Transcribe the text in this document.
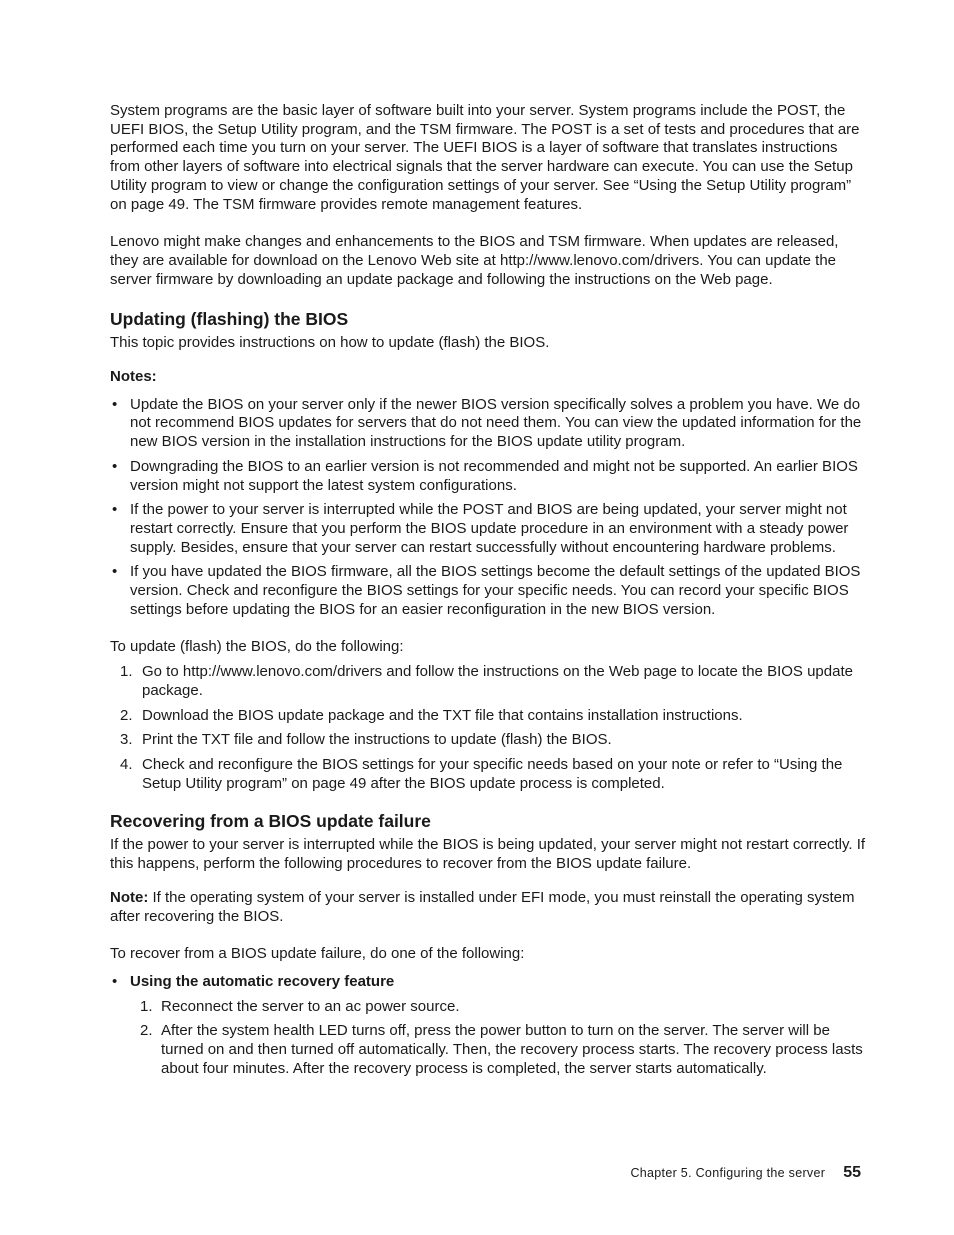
System programs are the basic layer of software built into your server. System programs include the POST, the UEFI BIOS, the Setup Utility program, and the TSM firmware. The POST is a set of tests and procedures that are performed each time you turn on your server. The UEFI BIOS is a layer of software that translates instructions from other layers of software into electrical signals that the server hardware can execute. You can use the Setup Utility program to view or change the configuration settings of your server. See “Using the Setup Utility program” on page 49. The TSM firmware provides remote management features.

Lenovo might make changes and enhancements to the BIOS and TSM firmware. When updates are released, they are available for download on the Lenovo Web site at http://www.lenovo.com/drivers. You can update the server firmware by downloading an update package and following the instructions on the Web page.

Updating (flashing) the BIOS

This topic provides instructions on how to update (flash) the BIOS.

Notes:

• Update the BIOS on your server only if the newer BIOS version specifically solves a problem you have. We do not recommend BIOS updates for servers that do not need them. You can view the updated information for the new BIOS version in the installation instructions for the BIOS update utility program.
• Downgrading the BIOS to an earlier version is not recommended and might not be supported. An earlier BIOS version might not support the latest system configurations.
• If the power to your server is interrupted while the POST and BIOS are being updated, your server might not restart correctly. Ensure that you perform the BIOS update procedure in an environment with a steady power supply. Besides, ensure that your server can restart successfully without encountering hardware problems.
• If you have updated the BIOS firmware, all the BIOS settings become the default settings of the updated BIOS version. Check and reconfigure the BIOS settings for your specific needs. You can record your specific BIOS settings before updating the BIOS for an easier reconfiguration in the new BIOS version.

To update (flash) the BIOS, do the following:

1. Go to http://www.lenovo.com/drivers and follow the instructions on the Web page to locate the BIOS update package.
2. Download the BIOS update package and the TXT file that contains installation instructions.
3. Print the TXT file and follow the instructions to update (flash) the BIOS.
4. Check and reconfigure the BIOS settings for your specific needs based on your note or refer to “Using the Setup Utility program” on page 49 after the BIOS update process is completed.
Recovering from a BIOS update failure

If the power to your server is interrupted while the BIOS is being updated, your server might not restart correctly. If this happens, perform the following procedures to recover from the BIOS update failure.

Note: If the operating system of your server is installed under EFI mode, you must reinstall the operating system after recovering the BIOS.

To recover from a BIOS update failure, do one of the following:

• Using the automatic recovery feature
1. Reconnect the server to an ac power source.
2. After the system health LED turns off, press the power button to turn on the server. The server will be turned on and then turned off automatically. Then, the recovery process starts. The recovery process lasts about four minutes. After the recovery process is completed, the server starts automatically.
Chapter 5. Configuring the server 55
